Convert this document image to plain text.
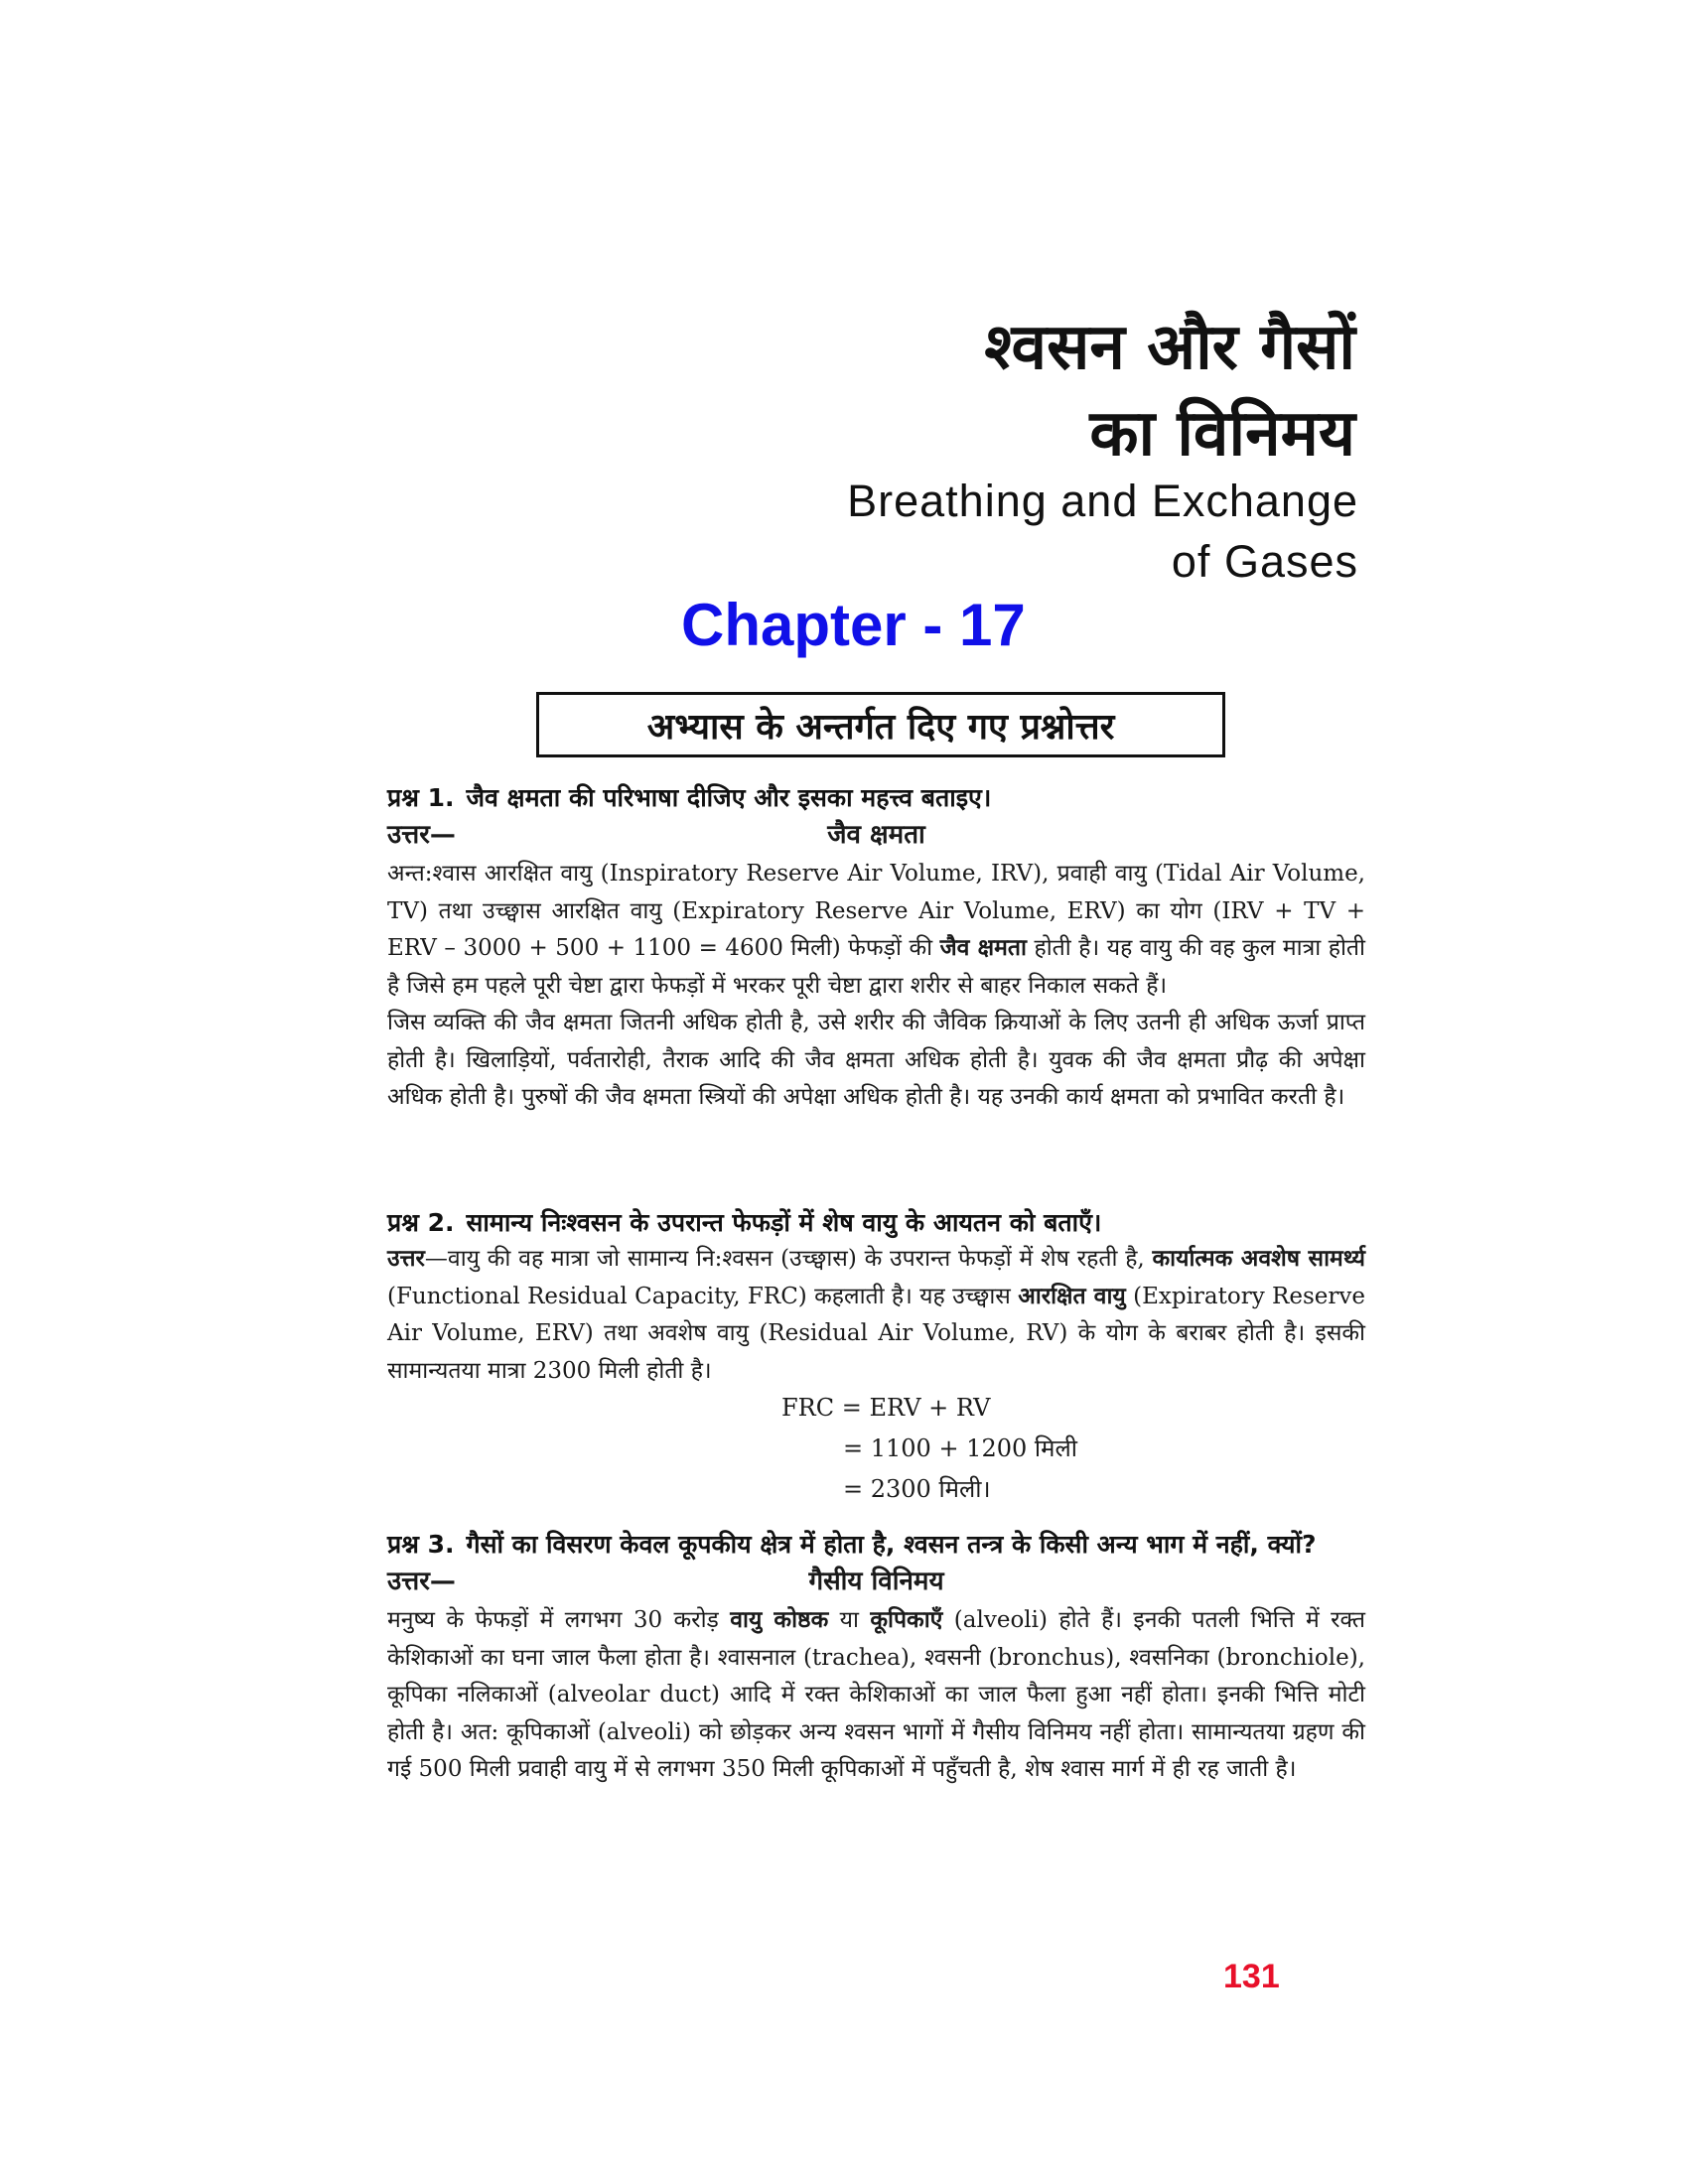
श्वसन और गैसों
का विनिमय
Breathing and Exchange
of Gases
Chapter - 17
अभ्यास के अन्तर्गत दिए गए प्रश्नोत्तर
प्रश्न 1. जैव क्षमता की परिभाषा दीजिए और इसका महत्त्व बताइए।
उत्तर—	जैव क्षमता

अन्त:श्वास आरक्षित वायु (Inspiratory Reserve Air Volume, IRV), प्रवाही वायु (Tidal Air Volume, TV) तथा उच्छ्वास आरक्षित वायु (Expiratory Reserve Air Volume, ERV) का योग (IRV + TV + ERV – 3000 + 500 + 1100 = 4600 मिली) फेफड़ों की जैव क्षमता होती है। यह वायु की वह कुल मात्रा होती है जिसे हम पहले पूरी चेष्टा द्वारा फेफड़ों में भरकर पूरी चेष्टा द्वारा शरीर से बाहर निकाल सकते हैं।

जिस व्यक्ति की जैव क्षमता जितनी अधिक होती है, उसे शरीर की जैविक क्रियाओं के लिए उतनी ही अधिक ऊर्जा प्राप्त होती है। खिलाड़ियों, पर्वतारोही, तैराक आदि की जैव क्षमता अधिक होती है। युवक की जैव क्षमता प्रौढ़ की अपेक्षा अधिक होती है। पुरुषों की जैव क्षमता स्त्रियों की अपेक्षा अधिक होती है। यह उनकी कार्य क्षमता को प्रभावित करती है।

प्रश्न 2. सामान्य निःश्वसन के उपरान्त फेफड़ों में शेष वायु के आयतन को बताएँ।

उत्तर—वायु की वह मात्रा जो सामान्य नि:श्वसन (उच्छ्वास) के उपरान्त फेफड़ों में शेष रहती है, कार्यात्मक अवशेष सामर्थ्य (Functional Residual Capacity, FRC) कहलाती है। यह उच्छ्वास आरक्षित वायु (Expiratory Reserve Air Volume, ERV) तथा अवशेष वायु (Residual Air Volume, RV) के योग के बराबर होती है। इसकी सामान्यतया मात्रा 2300 मिली होती है।

FRC = ERV + RV
= 1100 + 1200 मिली
= 2300 मिली।
प्रश्न 3. गैसों का विसरण केवल कूपकीय क्षेत्र में होता है, श्वसन तन्त्र के किसी अन्य भाग में नहीं, क्यों?
उत्तर—	गैसीय विनिमय

मनुष्य के फेफड़ों में लगभग 30 करोड़ वायु कोष्ठक या कूपिकाएँ (alveoli) होते हैं। इनकी पतली भित्ति में रक्त केशिकाओं का घना जाल फैला होता है। श्वासनाल (trachea), श्वसनी (bronchus), श्वसनिका (bronchiole), कूपिका नलिकाओं (alveolar duct) आदि में रक्त केशिकाओं का जाल फैला हुआ नहीं होता। इनकी भित्ति मोटी होती है। अत: कूपिकाओं (alveoli) को छोड़कर अन्य श्वसन भागों में गैसीय विनिमय नहीं होता। सामान्यतया ग्रहण की गई 500 मिली प्रवाही वायु में से लगभग 350 मिली कूपिकाओं में पहुँचती है, शेष श्वास मार्ग में ही रह जाती है।

131
